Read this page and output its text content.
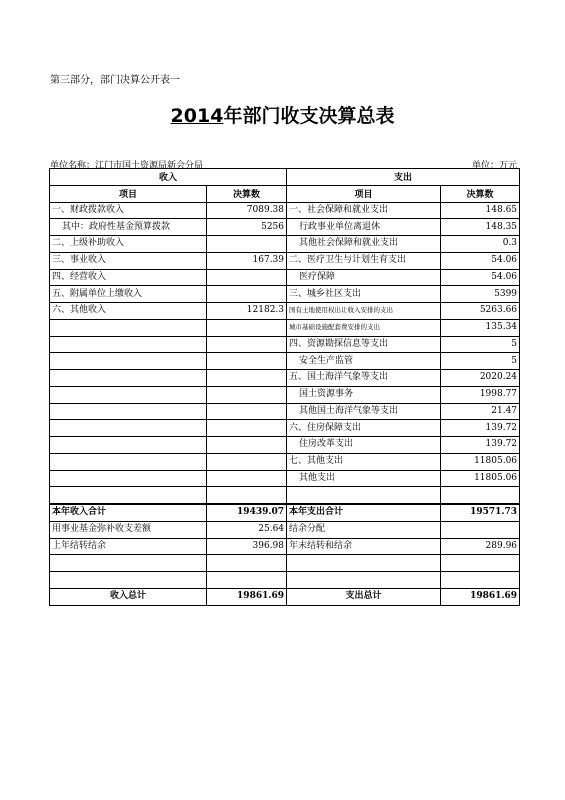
第三部分，部门决算公开表一
2014年部门收支决算总表
单位名称：江门市国土资源局新会分局	单位：万元
收入		支出	
项目	决算数	项目	决算数
一、财政拨款收入	7089.38	一、社会保障和就业支出	148.65
其中：政府性基金预算拨款	5256	行政事业单位离退休	148.35
二、上级补助收入		其他社会保障和就业支出	0.3
三、事业收入	167.39	二、医疗卫生与计划生育支出	54.06
四、经营收入		医疗保障	54.06
五、附属单位上缴收入		三、城乡社区支出	5399
六、其他收入	12182.3	国有土地使用权出让收入安排的支出	5263.66
		城市基础设施配套费安排的支出	135.34
		四、资源勘探信息等支出	5
		安全生产监管	5
		五、国土海洋气象等支出	2020.24
		国土资源事务	1998.77
		其他国土海洋气象等支出	21.47
		六、住房保障支出	139.72
		住房改革支出	139.72
		七、其他支出	11805.06
		其他支出	11805.06

本年收入合计	19439.07	本年支出合计	19571.73
用事业基金弥补收支差额	25.64	结余分配	
上年结转结余	396.98	年末结转和结余	289.96

收入总计	19861.69	支出总计	19861.69
